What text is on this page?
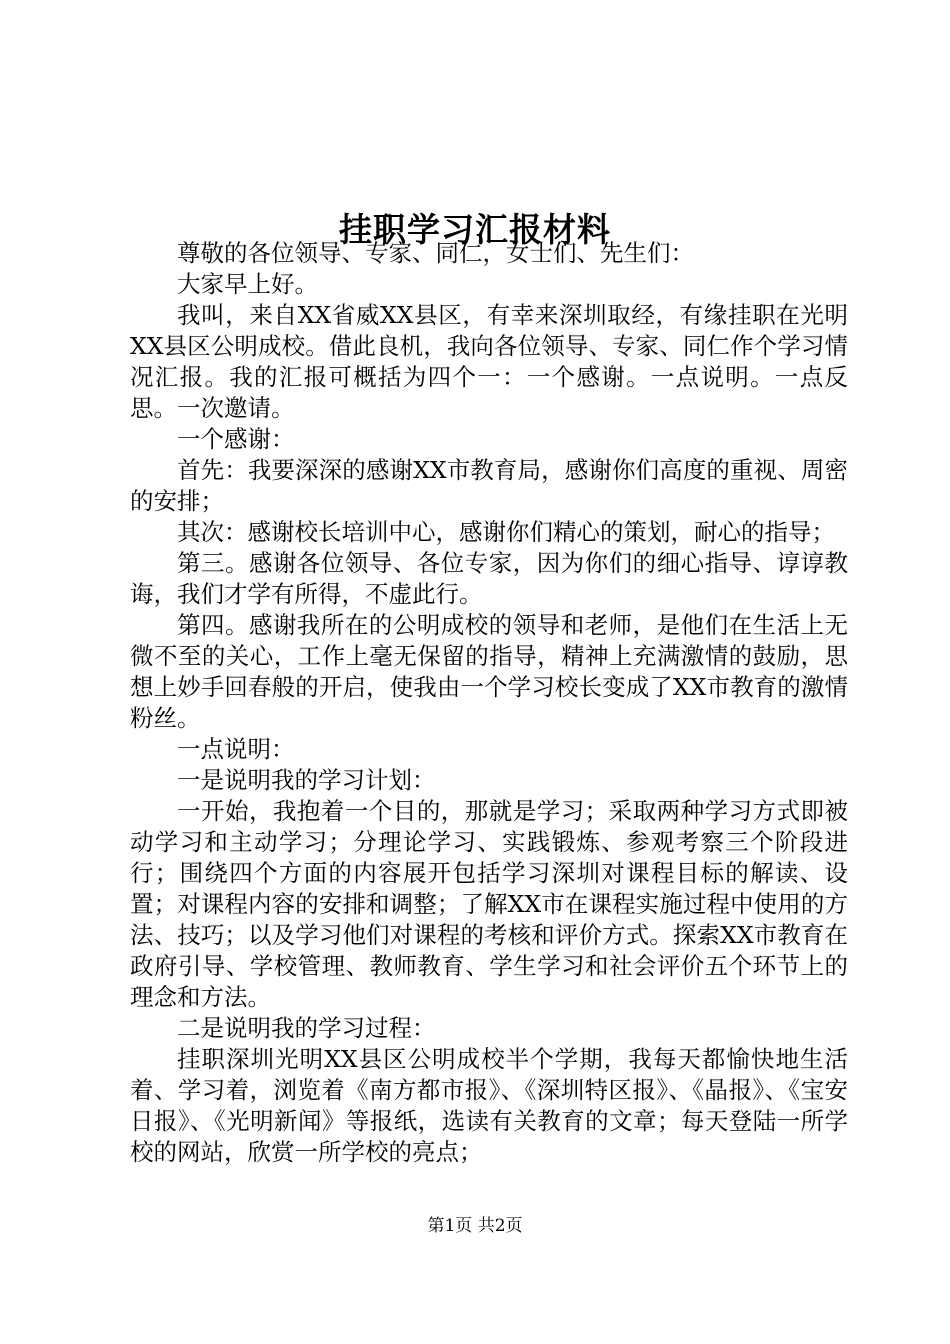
挂职学习汇报材料

尊敬的各位领导、专家、同仁，女士们、先生们：

大家早上好。

我叫，来自XX省威XX县区，有幸来深圳取经，有缘挂职在光明XX县区公明成校。借此良机，我向各位领导、专家、同仁作个学习情况汇报。我的汇报可概括为四个一：一个感谢。一点说明。一点反思。一次邀请。

一个感谢：

首先：我要深深的感谢XX市教育局，感谢你们高度的重视、周密的安排；

其次：感谢校长培训中心，感谢你们精心的策划，耐心的指导；

第三。感谢各位领导、各位专家，因为你们的细心指导、谆谆教诲，我们才学有所得，不虚此行。

第四。感谢我所在的公明成校的领导和老师，是他们在生活上无微不至的关心，工作上毫无保留的指导，精神上充满激情的鼓励，思想上妙手回春般的开启，使我由一个学习校长变成了XX市教育的激情粉丝。

一点说明：

一是说明我的学习计划：

一开始，我抱着一个目的，那就是学习；采取两种学习方式即被动学习和主动学习；分理论学习、实践锻炼、参观考察三个阶段进行；围绕四个方面的内容展开包括学习深圳对课程目标的解读、设置；对课程内容的安排和调整；了解XX市在课程实施过程中使用的方法、技巧；以及学习他们对课程的考核和评价方式。探索XX市教育在政府引导、学校管理、教师教育、学生学习和社会评价五个环节上的理念和方法。

二是说明我的学习过程：

挂职深圳光明XX县区公明成校半个学期，我每天都愉快地生活着、学习着，浏览着《南方都市报》、《深圳特区报》、《晶报》、《宝安日报》、《光明新闻》等报纸，选读有关教育的文章；每天登陆一所学校的网站，欣赏一所学校的亮点；

第1页 共2页
